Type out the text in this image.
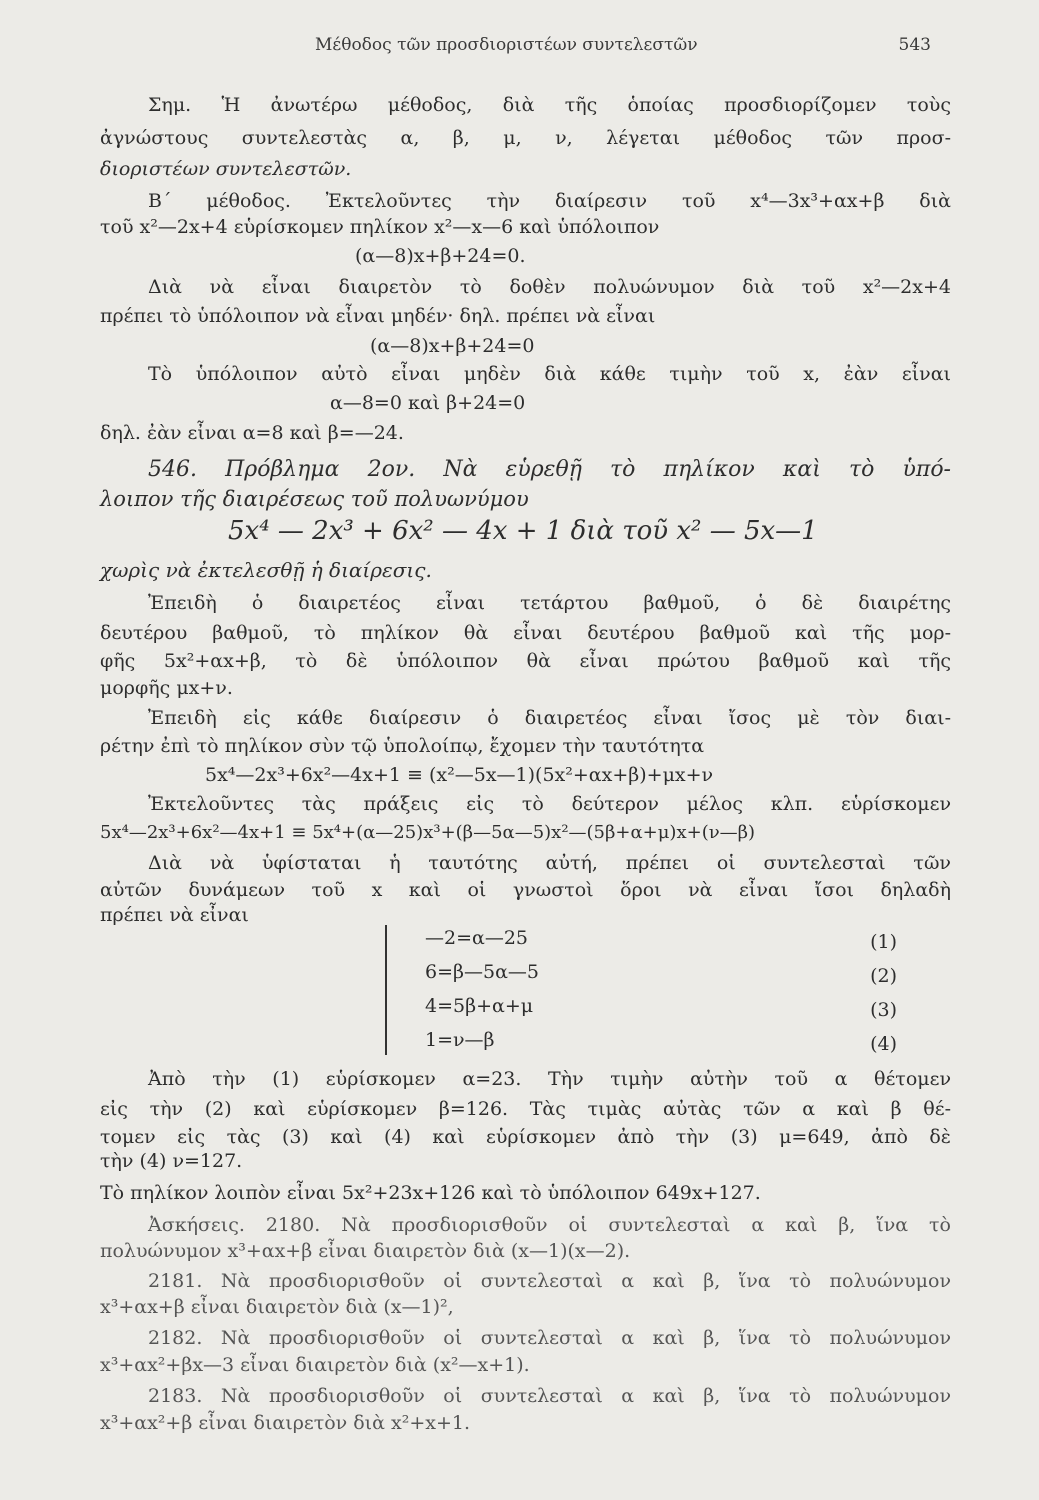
Μέθοδος τῶν προσδιοριστέων συντελεστῶν	543
Σημ. Ἡ ἀνωτέρω μέθοδος, διὰ τῆς ὁποίας προσδιορίζομεν τοὺς
ἀγνώστους συντελεστὰς α, β, μ, ν, λέγεται μέθοδος τῶν προσ-
διοριστέων συντελεστῶν.
Β΄ μέθοδος. Ἐκτελοῦντες τὴν διαίρεσιν τοῦ x⁴—3x³+αx+β διὰ
τοῦ x²—2x+4 εὑρίσκομεν πηλίκον x²—x—6 καὶ ὑπόλοιπον
(α—8)x+β+24=0.
Διὰ νὰ εἶναι διαιρετὸν τὸ δοθὲν πολυώνυμον διὰ τοῦ x²—2x+4
πρέπει τὸ ὑπόλοιπον νὰ εἶναι μηδέν· δηλ. πρέπει νὰ εἶναι
(α—8)x+β+24=0
Τὸ ὑπόλοιπον αὐτὸ εἶναι μηδὲν διὰ κάθε τιμὴν τοῦ x, ἐὰν εἶναι
α—8=0 καὶ β+24=0
δηλ. ἐὰν εἶναι α=8 καὶ β=—24.
546. Πρόβλημα 2ον. Νὰ εὑρεθῇ τὸ πηλίκον καὶ τὸ ὑπό-
λοιπον τῆς διαιρέσεως τοῦ πολυωνύμου
5x⁴ — 2x³ + 6x² — 4x + 1 διὰ τοῦ x² — 5x—1
χωρὶς νὰ ἐκτελεσθῇ ἡ διαίρεσις.
Ἐπειδὴ ὁ διαιρετέος εἶναι τετάρτου βαθμοῦ, ὁ δὲ διαιρέτης
δευτέρου βαθμοῦ, τὸ πηλίκον θὰ εἶναι δευτέρου βαθμοῦ καὶ τῆς μορ-
φῆς 5x²+αx+β, τὸ δὲ ὑπόλοιπον θὰ εἶναι πρώτου βαθμοῦ καὶ τῆς
μορφῆς μx+ν.
Ἐπειδὴ εἰς κάθε διαίρεσιν ὁ διαιρετέος εἶναι ἴσος μὲ τὸν διαι-
ρέτην ἐπὶ τὸ πηλίκον σὺν τῷ ὑπολοίπῳ, ἔχομεν τὴν ταυτότητα
5x⁴—2x³+6x²—4x+1 ≡ (x²—5x—1)(5x²+αx+β)+μx+ν
Ἐκτελοῦντες τὰς πράξεις εἰς τὸ δεύτερον μέλος κλπ. εὑρίσκομεν
5x⁴—2x³+6x²—4x+1 ≡ 5x⁴+(α—25)x³+(β—5α—5)x²—(5β+α+μ)x+(ν—β)
Διὰ νὰ ὑφίσταται ἡ ταυτότης αὐτή, πρέπει οἱ συντελεσταὶ τῶν
αὐτῶν δυνάμεων τοῦ x καὶ οἱ γνωστοὶ ὅροι νὰ εἶναι ἴσοι δηλαδὴ
πρέπει νὰ εἶναι
—2=α—25	(1)
6=β—5α—5	(2)
4=5β+α+μ	(3)
1=ν—β	(4)
Ἀπὸ τὴν (1) εὑρίσκομεν α=23. Τὴν τιμὴν αὐτὴν τοῦ α θέτομεν
εἰς τὴν (2) καὶ εὑρίσκομεν β=126. Τὰς τιμὰς αὐτὰς τῶν α καὶ β θέ-
τομεν εἰς τὰς (3) καὶ (4) καὶ εὑρίσκομεν ἀπὸ τὴν (3) μ=649, ἀπὸ δὲ
τὴν (4) ν=127.
Τὸ πηλίκον λοιπὸν εἶναι 5x²+23x+126 καὶ τὸ ὑπόλοιπον 649x+127.
Ἀσκήσεις. 2180. Νὰ προσδιορισθοῦν οἱ συντελεσταὶ α καὶ β, ἵνα τὸ
πολυώνυμον x³+αx+β εἶναι διαιρετὸν διὰ (x—1)(x—2).
2181. Νὰ προσδιορισθοῦν οἱ συντελεσταὶ α καὶ β, ἵνα τὸ πολυώνυμον
x³+αx+β εἶναι διαιρετὸν διὰ (x—1)²,
2182. Νὰ προσδιορισθοῦν οἱ συντελεσταὶ α καὶ β, ἵνα τὸ πολυώνυμον
x³+αx²+βx—3 εἶναι διαιρετὸν διὰ (x²—x+1).
2183. Νὰ προσδιορισθοῦν οἱ συντελεσταὶ α καὶ β, ἵνα τὸ πολυώνυμον
x³+αx²+β εἶναι διαιρετὸν διὰ x²+x+1.
